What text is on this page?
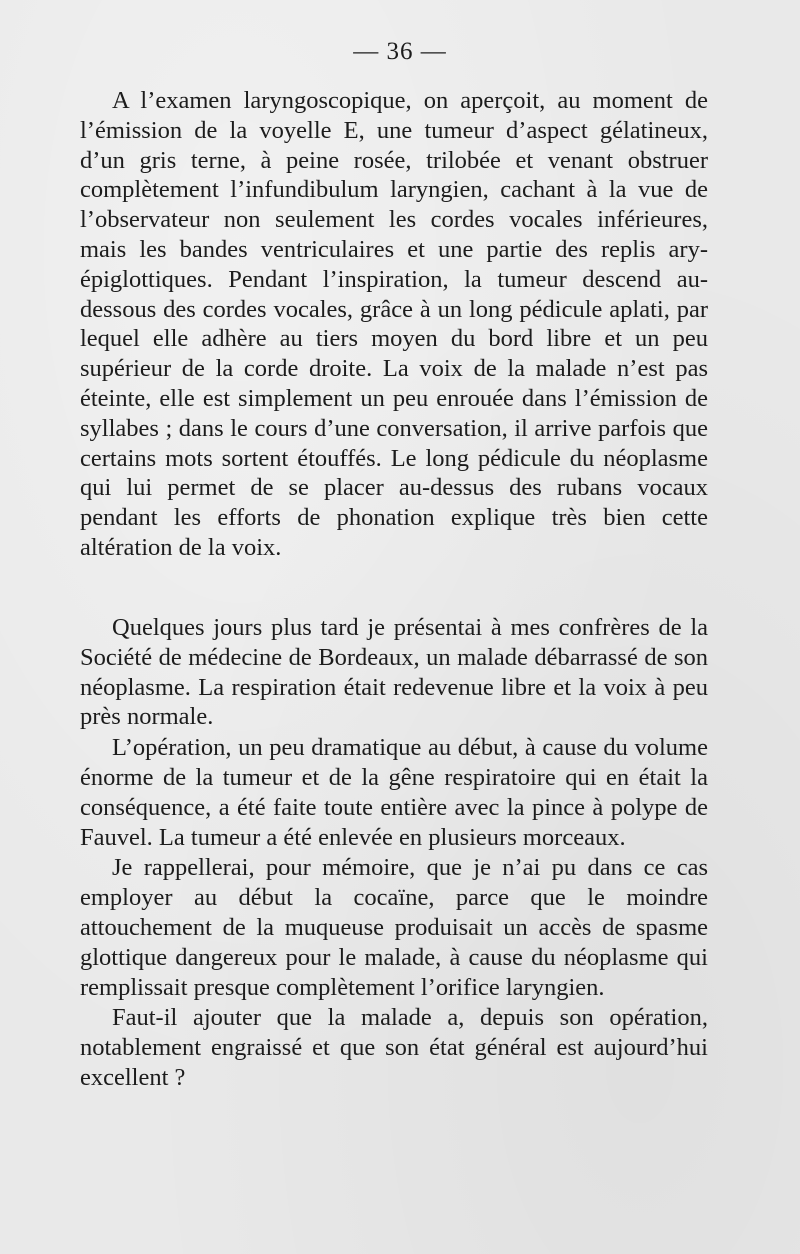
— 36 —

A l’examen laryngoscopique, on aperçoit, au moment de l’émission de la voyelle E, une tumeur d’aspect gélatineux, d’un gris terne, à peine rosée, trilobée et venant obstruer complètement l’infundibulum laryngien, cachant à la vue de l’observateur non seulement les cordes vocales inférieures, mais les bandes ventriculaires et une partie des replis ary-épiglottiques. Pendant l’inspiration, la tumeur descend au-dessous des cordes vocales, grâce à un long pédicule aplati, par lequel elle adhère au tiers moyen du bord libre et un peu supérieur de la corde droite. La voix de la malade n’est pas éteinte, elle est simplement un peu enrouée dans l’émission de syllabes ; dans le cours d’une conversation, il arrive parfois que certains mots sortent étouffés. Le long pédicule du néoplasme qui lui permet de se placer au-dessus des rubans vocaux pendant les efforts de phonation explique très bien cette altération de la voix.

Quelques jours plus tard je présentai à mes confrères de la Société de médecine de Bordeaux, un malade débarrassé de son néoplasme. La respiration était redevenue libre et la voix à peu près normale.

L’opération, un peu dramatique au début, à cause du volume énorme de la tumeur et de la gêne respiratoire qui en était la conséquence, a été faite toute entière avec la pince à polype de Fauvel. La tumeur a été enlevée en plusieurs morceaux.

Je rappellerai, pour mémoire, que je n’ai pu dans ce cas employer au début la cocaïne, parce que le moindre attouchement de la muqueuse produisait un accès de spasme glottique dangereux pour le malade, à cause du néoplasme qui remplissait presque complètement l’orifice laryngien.

Faut-il ajouter que la malade a, depuis son opération, notablement engraissé et que son état général est aujourd’hui excellent ?
